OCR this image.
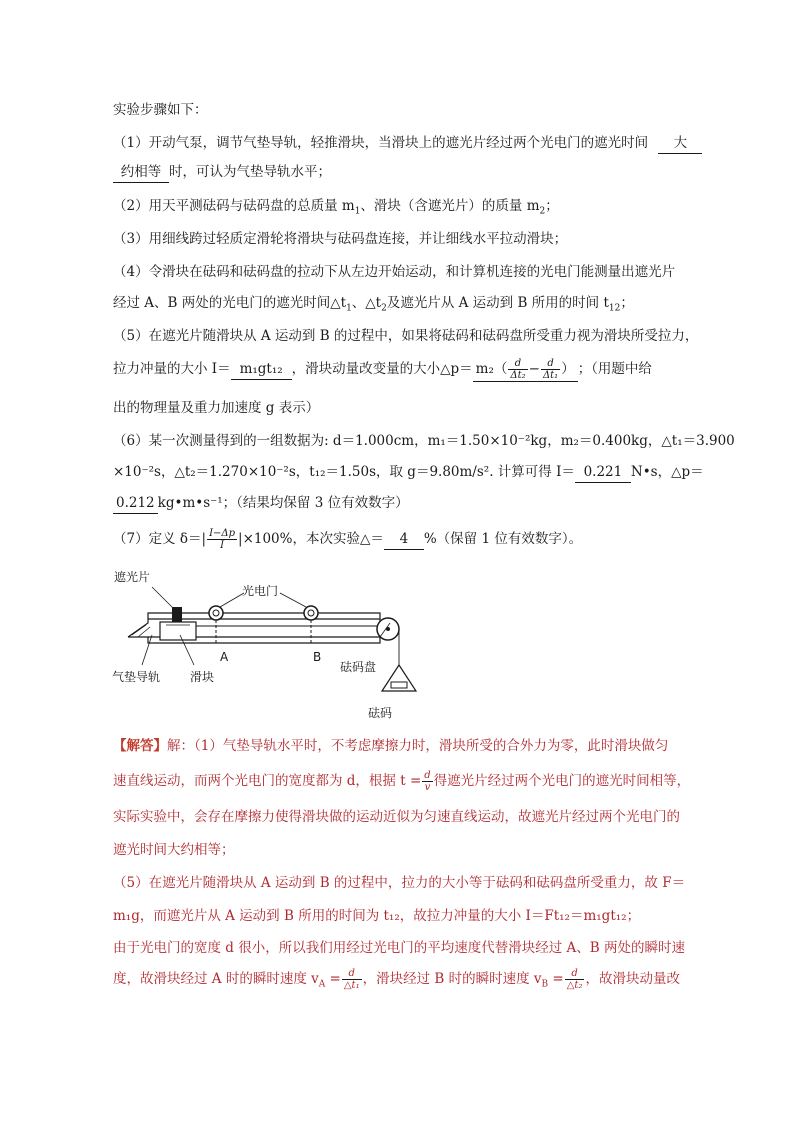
实验步骤如下：
（1）开动气泵，调节气垫导轨，轻推滑块，当滑块上的遮光片经过两个光电门的遮光时间 大
约相等 时，可认为气垫导轨水平；
（2）用天平测砝码与砝码盘的总质量 $m_1$、滑块（含遮光片）的质量 $m_2$；
（3）用细线跨过轻质定滑轮将滑块与砝码盘连接，并让细线水平拉动滑块；
（4）令滑块在砝码和砝码盘的拉动下从左边开始运动，和计算机连接的光电门能测量出遮光片
经过 A、B 两处的光电门的遮光时间$\triangle t_1$、$\triangle t_2$及遮光片从 A 运动到 B 所用的时间 $t_{12}$；
（5）在遮光片随滑块从 A 运动到 B 的过程中，如果将砝码和砝码盘所受重力视为滑块所受拉力，
拉力冲量的大小 I＝ m₁gt₁₂ ，滑块动量改变量的大小△p＝ $m_2( \frac{d}{\text{Δt₂}} - \frac{d}{\text{Δt₁}}$ ） ；（用题中给
出的物理量及重力加速度 g 表示）
（6）某一次测量得到的一组数据为: d＝1.000cm，m₁＝1.50×10⁻²kg，m₂＝0.400kg，△t₁＝3.900
×10⁻²s，△t₂＝1.270×10⁻²s，t₁₂＝1.50s，取 g＝9.80m/s². 计算可得 I＝ 0.221 N•s，△p＝
0.212 kg•m•s⁻¹；（结果均保留 3 位有效数字）
（7）定义 $\delta=| \frac{I-\Delta p}{I} |\times 100\%$，本次实验△＝ 4 %（保留 1 位有效数字）。
遮光片
光电门
A	B
气垫导轨 滑块
砝码盘
砝码
【解答】解：（1）气垫导轨水平时，不考虑摩擦力时，滑块所受的合外力为零，此时滑块做匀
速直线运动，而两个光电门的宽度都为 d，根据 $t = \frac{d}{v}$ 得遮光片经过两个光电门的遮光时间相等，
实际实验中，会存在摩擦力使得滑块做的运动近似为匀速直线运动，故遮光片经过两个光电门的
遮光时间大约相等；
（5）在遮光片随滑块从 A 运动到 B 的过程中，拉力的大小等于砝码和砝码盘所受重力，故 F＝
m₁g，而遮光片从 A 运动到 B 所用的时间为 t₁₂，故拉力冲量的大小 I＝Ft₁₂＝m₁gt₁₂；
由于光电门的宽度 d 很小，所以我们用经过光电门的平均速度代替滑块经过 A、B 两处的瞬时速
度，故滑块经过 A 时的瞬时速度 $v_A = \frac{d}{\text{△t₁}}$ ，滑块经过 B 时的瞬时速度 $v_B = \frac{d}{\text{△t₂}}$ ，故滑块动量改
